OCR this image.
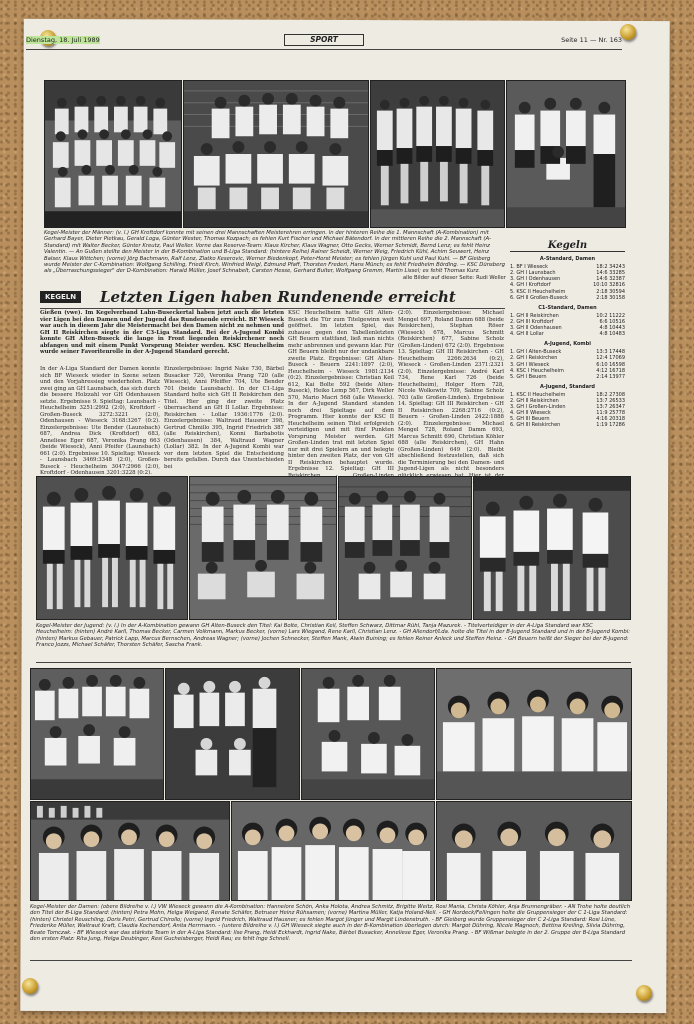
Dienstag, 18. Juli 1989	SPORT	Seite 11 — Nr. 163
Kegel-Meister der Männer: (v. l.) GH Kroftdorf konnte mit seinen drei Mannschaften Meisterehren erringen. In der hinteren Reihe die 1. Mannschaft (A-Kombination) mit Gerhard Bayer, Dieter Pietkau, Gerald Loga, Günter Wester, Thomas Kozpach; es fehlen Kurt Fischer und Michael Bätendorf. In der mittleren Reihe die 2. Mannschaft (A-Standard) mit Walter Becker, Günter Kreutz, Paul Weller. Vorne das Reserve-Team: Klaus Kircher, Klaus Wagner, Otto Gecks, Werner Schmidt, Bernd Lenz; es fehlt Heinz Valentin. — An Gußen stellte den Meister in der B-Kombination und B-Liga Standard: (hintere Reihe) Rainer Scheidt, Werner Weig, Friedrich Kühl, Achim Seuwert, Heinz Balser, Klaus Wittchen; (vorne) Jörg Bachmann, Ralf Lenz, Zlatko Keserovic, Werner Biedenkopf, Peter-Horst Meister; es fehlen Jürgen Kuhl und Paul Kuhl. — BF Gleiberg wurde Meister der C-Kombination: Wolfgang Schilling, Friedl Kirch, Winfried Weigl, Edmund Pfaff, Thorsten Frederi, Hans Münch; es fehlt Friedhelm Bördlng. — KSC Dünsberg als „Überraschungssieger" der D-Kombination: Harald Müller, Josef Schnabelt, Carsten Hesse, Gerhard Bulter, Wolfgang Gremm, Martin Lissel; es fehlt Thomas Kurz.
alle Bilder auf dieser Seite: Rudi Weller
KEGELN	Letzten Ligen haben Rundenende erreicht
Gießen (vwe). Im Kegelverband Lahn-Buseckertal haben jetzt auch die letzten vier Ligen bei den Damen und der Jugend das Rundenende erreicht. BF Wieseck war auch in diesem Jahr die Meistermacht bei den Damen nicht zu nehmen und GH II Reiskirchen siegte in der C3-Liga Standard. Bei der A-Jugend Kombi konnte GH Alten-Buseck die lange in Front liegenden Reiskirchener noch abfangen und mit einem Punkt Vorsprung Meister werden. KSC Heuchelheim wurde seiner Favoritenrolle in der A-Jugend Standard gerecht.
In der A-Liga Standard der Damen konnte sich BF Wieseck wieder in Szene setzen und den Vorjahressieg wiederholen. Platz zwei ging an GH Launsbach, das sich durch die bessere Holzzahl vor GH Odenhausen setzte. Ergebnisse 9. Spieltag: Launsbach - Heuchelheim 3251:2992 (2:0), Kroftdorf - Großen-Buseck 3272:3221 (2:0), Odenhausen - Wieseck 3168:3267 (0:2). Einzelergebnisse: Ute Bender (Launsbach) 687, Andrea Dick (Kroftdorf) 683, Anneliese Eger 687, Veronika Prang 663 (beide Wieseck), Anni Pfeifer (Launsbach) 661 (2:0). Ergebnisse 10. Spieltag: Wieseck - Launsbach 3469:3348 (2:0), Großen-Buseck - Heuchelheim 3047:2966 (2:0), Kroftdorf - Odenhausen 3201:3228 (0:2).
Einzelergebnisse: Ingrid Nake 730, Bärbel Busacker 720, Veronika Prang 720 (alle Wieseck), Anni Pfeiffer 704, Ute Bender 701 (beide Launsbach). In der C1-Liga Standard holte sich GH II Reiskirchen den Titel. Hier ging der zweite Platz überraschend an GH II Lollar. Ergebnisse: Reiskirchen - Lollar 1936:1776 (2:0). Einzelergebnisse: Waltraud Hausner 398, Gertrud Chmillo 395, Ingrid Friedrich 387 (alle Reiskirchen), Konni Barbabotis (Odenhausen) 384, Waltraud Wagner (Lollar) 382. In der A-Jugend Kombi war vor dem letzten Spiel die Entscheidung bereits gefallen. Durch das Unentschieden bei
KSC Heuchelheim hatte GH Alten-Buseck die Tür zum Titelgewinn weit geöffnet. Im letzten Spiel, das zuhause gegen den Tabellenletzten GH Beuern stattfand, ließ man nichts mehr anbrennen und gewann klar. Für GH Beuern bleibt nur der undankbare zweite Platz. Ergebnisse: GH Alten-Buseck - Beuern 2241:1897 (2:0), Heuchelheim - Wieseck 1981:2134 (0:2). Einzelergebnisse: Christian Keil 612, Kai Bolte 592 (beide Alten-Buseck), Heiko Lemp 567, Dirk Weller 570, Mario Macri 568 (alle Wieseck). In der A-Jugend Standard standen noch drei Spieltage auf dem Programm. Hier konnte der KSC II Heuchelheim seinen Titel erfolgreich verteidigen und mit fünf Punkten Vorsprung Meister werden. GH Großen-Linden trat mit letzten Spiel nur mit drei Spielern an und belegte hinter den zweiten Platz, der von GH II Reiskirchen behauptet wurde. Ergebnisse 12. Spieltag: GH III
(2:0). Einzelergebnisse: Michael Mengel 697, Roland Damm 688 (beide Reiskirchen), Stephan Röser (Wieseck) 678, Marcus Schmitt (Reiskirchen) 677, Sabine Scholz (Großen-Linden) 672 (2:0). Ergebnisse 13. Spieltag: GH III Reiskirchen - GH Heuchelheim 2266:2634 (0:2), Wieseck - Großen-Linden 2371:2321 (2:0). Einzelergebnisse: André Karl 734, Rene Karl 726 (beide Heuchelheim), Holger Horn 728, Nicole Wolkewitz 709, Sabine Scholz 703 (alle Großen-Linden). Ergebnisse 14. Spieltag: GH III Reiskirchen - GH II Reiskirchen 2268:2716 (0:2), Beuern - Großen-Linden 2422:1888 (2:0). Einzelergebnisse: Michael Mengel 728, Roland Damm 693, Marcus Schmitt 690, Christian Köhler 688 (alle Reiskirchen), GH Hahn (Großen-Linden) 649 (2:0). Bleibt abschließend festzustellen, daß sich die Terminierung bei den Damen- und Jugend-Ligen als nicht besonders
Kegeln
A-Standard, Damen
1. BF I Wieseck	18:2 34243
2. GH I Launsbach	14:6 33285
3. GH I Odenhausen	14:6 32387
4. GH I Kroftdorf	10:10 32816
5. KSC II Heuchelheim	2:18 30594
6. GH II Großen-Buseck	2:18 30158
C1-Standard, Damen
1. GH II Reiskirchen	10:2 11222
2. GH III Kroftdorf	6:6 10516
3. GH II Odenhausen	4:8 10443
4. GH II Lollar	4:8 10483
A-Jugend, Kombi
1. GH I Alten-Buseck	13:3 17448
2. GH I Reiskirchen	12:4 17069
3. GH I Wieseck	6:10 16598
4. KSC I Heuchelheim	4:12 16718
5. GH I Beuern	2:14 13977
A-Jugend, Standard
1. KSC II Heuchelheim	18:2 27308
2. GH II Reiskirchen	13:7 26533
3. GH I Großen-Linden	13:7 26347
4. GH II Wieseck	11:9 25778
5. GH III Beuern	4:16 20318
6. GH III Reiskirchen	1:19 17286
Kegel-Meister der Jugend: (v. l.) In der A-Kombination gewann GH Alten-Buseck den Titel: Kai Bolte, Christian Keil, Steffen Schwarz, Dittmar Rühl, Tanja Mazurek. - Titelverteidiger in der A-Liga Standard war KSC Heuchelheim: (hinten) André Karll, Thomas Becker, Carmen Volkmann, Markus Becker, (vorne) Lars Wiegand, Rene Karll, Christian Lenz. - GH Allendorf/Lda. holte die Titel in der B-Jugend Standard und in der B-Jugend Kombi: (hinten) Markus Gebauer, Patrick Lapp, Marcus Bernschen, Andreas Wagner; (vorne) Jochen Schnecker, Steffen Mank, Alwin Buining; es fehlen Reiner Anleck und Steffen Heinz. - GH Beuern heißt der Sieger bei der B-Jugend: Franco Jozzs, Michael Schäfer, Thorsten Schäfer, Sascha Frank.
Kegel-Meister der Damen: (obere Bildreihe v. l.) VW Wieseck gewann die A-Kombination: Hannelore Schön, Anka Holota, Andrea Schmitz, Brigitte Weitz, Rosi Mania, Christa Köhler, Anja Brunnengräber. - AN Trohe holte deutlich den Titel der B-Liga Standard: (hinten) Petra Mohn, Helga Weigand, Renate Schäfer, Betrueer Heinz Rühsamen; (vorne) Martina Müller, Katja Holand-Nell. - GH Nordeck/Fellingen holte die Gruppensieger der C 1-Liga Standard: (hinten) Christel Reuschling, Doris Petri, Gertrud Chirollo; (vorne) Ingrid Friedrich, Waltraud Hausner; es fehlen Margot Jünger und Margit Lindenstruth. - BF Gleiberg wurde Gruppensieger der C 2-Liga Standard: Rosi Lüne, Friederike Müller, Waltraut Kraft, Claudia Kochendorf, Anita Herrmann. - (untere Bildreihe v. l.) GH Wieseck siegte auch in der B-Kombination überlegen durch: Margot Dühring, Nicole Magnoch, Bettina Kreiling, Silvia Dühring, Beate Tomczak. - BF Wieseck war das stärkste Team in der A-Liga Standard: Ilse Prang, Heidi Eckhardt, Ingrid Nake, Bärbel Busacker, Anneliese Eger, Veronika Prang. - BF Wißmar belegte in der 2. Gruppe der B-Liga Standard den ersten Platz: Rita Jung, Helga Deubinger, Resi Gucheisberger, Heidi Rau; es fehlt Inge Schnell.
